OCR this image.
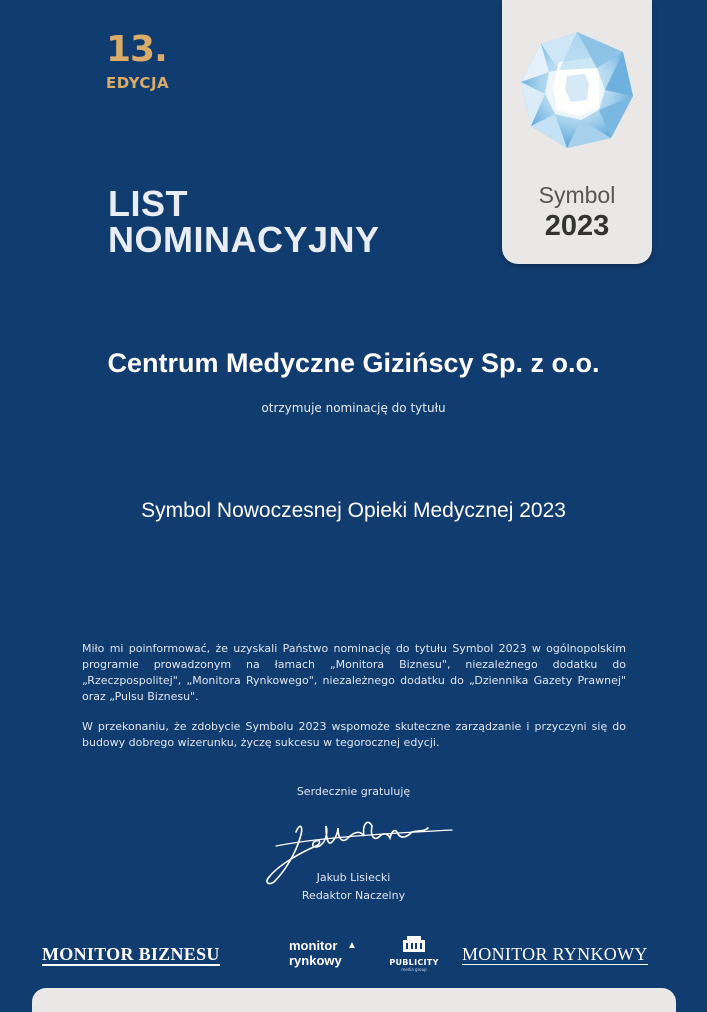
13.
EDYCJA
LIST
NOMINACYJNY
Symbol
2023
Centrum Medyczne Gizińscy Sp. z o.o.
otrzymuje nominację do tytułu
Symbol Nowoczesnej Opieki Medycznej 2023

Miło mi poinformować, że uzyskali Państwo nominację do tytułu Symbol 2023 w ogólnopolskim programie prowadzonym na łamach „Monitora Biznesu", niezależnego dodatku do „Rzeczpospolitej", „Monitora Rynkowego", niezależnego dodatku do „Dziennika Gazety Prawnej" oraz „Pulsu Biznesu".

W przekonaniu, że zdobycie Symbolu 2023 wspomoże skuteczne zarządzanie i przyczyni się do budowy dobrego wizerunku, życzę sukcesu w tegorocznej edycji.

Serdecznie gratuluję
Jakub Lisiecki
Redaktor Naczelny
MONITOR BIZNESU	monitor
rynkowy
▲
PUBLICITY
media group
MONITOR RYNKOWY
